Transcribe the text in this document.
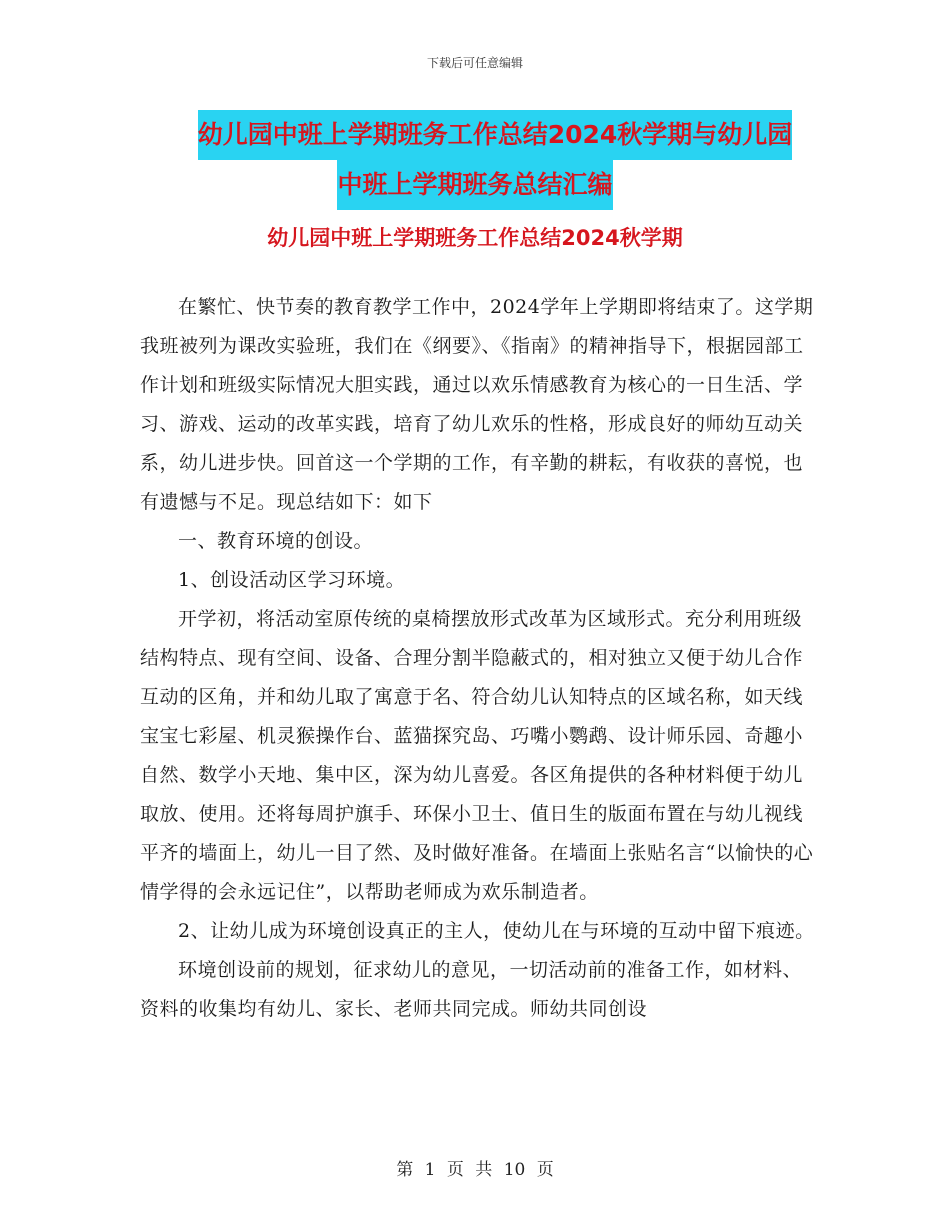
下载后可任意编辑
幼儿园中班上学期班务工作总结2024秋学期与幼儿园
中班上学期班务总结汇编
幼儿园中班上学期班务工作总结2024秋学期

在繁忙、快节奏的教育教学工作中，2024学年上学期即将结束了。这学期我班被列为课改实验班，我们在《纲要》、《指南》的精神指导下，根据园部工作计划和班级实际情况大胆实践，通过以欢乐情感教育为核心的一日生活、学习、游戏、运动的改革实践，培育了幼儿欢乐的性格，形成良好的师幼互动关系，幼儿进步快。回首这一个学期的工作，有辛勤的耕耘，有收获的喜悦，也有遗憾与不足。现总结如下：如下

一、教育环境的创设。

1、创设活动区学习环境。

开学初，将活动室原传统的桌椅摆放形式改革为区域形式。充分利用班级结构特点、现有空间、设备、合理分割半隐蔽式的，相对独立又便于幼儿合作互动的区角，并和幼儿取了寓意于名、符合幼儿认知特点的区域名称，如天线宝宝七彩屋、机灵猴操作台、蓝猫探究岛、巧嘴小鹦鹉、设计师乐园、奇趣小自然、数学小天地、集中区，深为幼儿喜爱。各区角提供的各种材料便于幼儿取放、使用。还将每周护旗手、环保小卫士、值日生的版面布置在与幼儿视线平齐的墙面上，幼儿一目了然、及时做好准备。在墙面上张贴名言“以愉快的心情学得的会永远记住”，以帮助老师成为欢乐制造者。

2、让幼儿成为环境创设真正的主人，使幼儿在与环境的互动中留下痕迹。

环境创设前的规划，征求幼儿的意见，一切活动前的准备工作，如材料、资料的收集均有幼儿、家长、老师共同完成。师幼共同创设

第 1 页 共 10 页
